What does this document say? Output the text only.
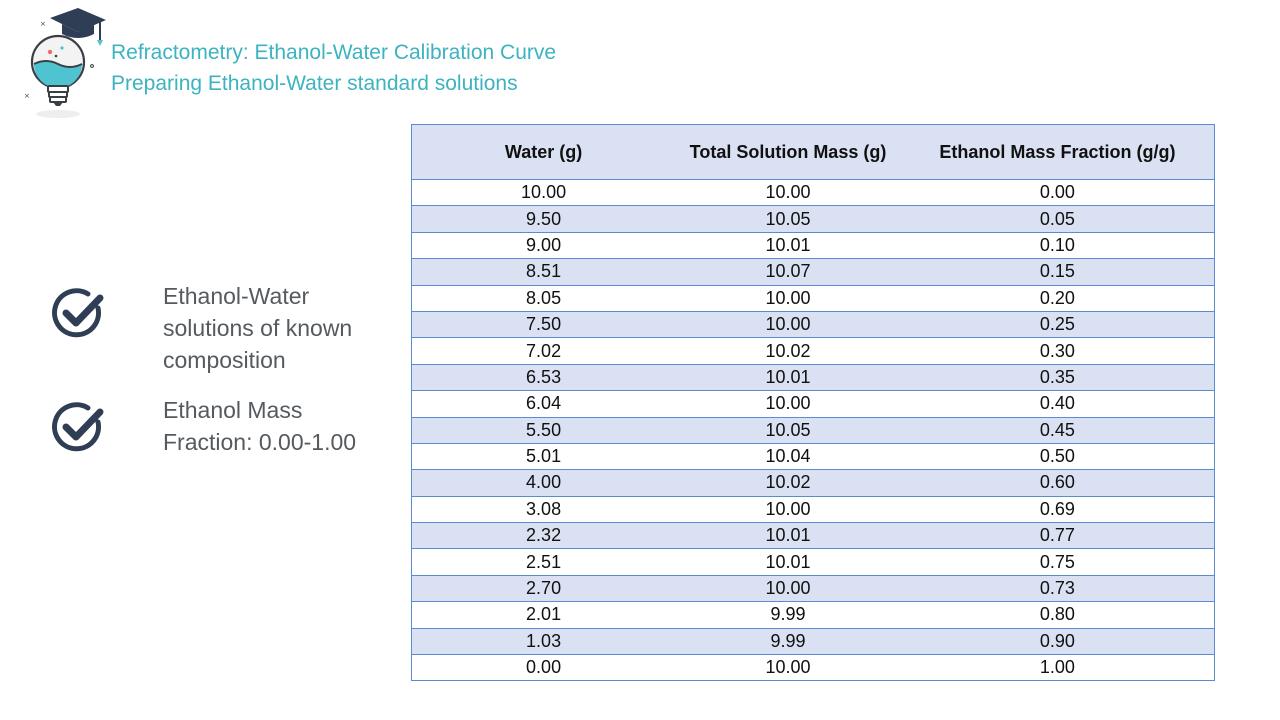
×
×
Refractometry: Ethanol-Water Calibration Curve
Preparing Ethanol-Water standard solutions
Ethanol-Water solutions of known composition
Ethanol Mass Fraction: 0.00-1.00
Water (g)	Total Solution Mass (g)	Ethanol Mass Fraction (g/g)
10.00	10.00	0.00
9.50	10.05	0.05
9.00	10.01	0.10
8.51	10.07	0.15
8.05	10.00	0.20
7.50	10.00	0.25
7.02	10.02	0.30
6.53	10.01	0.35
6.04	10.00	0.40
5.50	10.05	0.45
5.01	10.04	0.50
4.00	10.02	0.60
3.08	10.00	0.69
2.32	10.01	0.77
2.51	10.01	0.75
2.70	10.00	0.73
2.01	9.99	0.80
1.03	9.99	0.90
0.00	10.00	1.00
